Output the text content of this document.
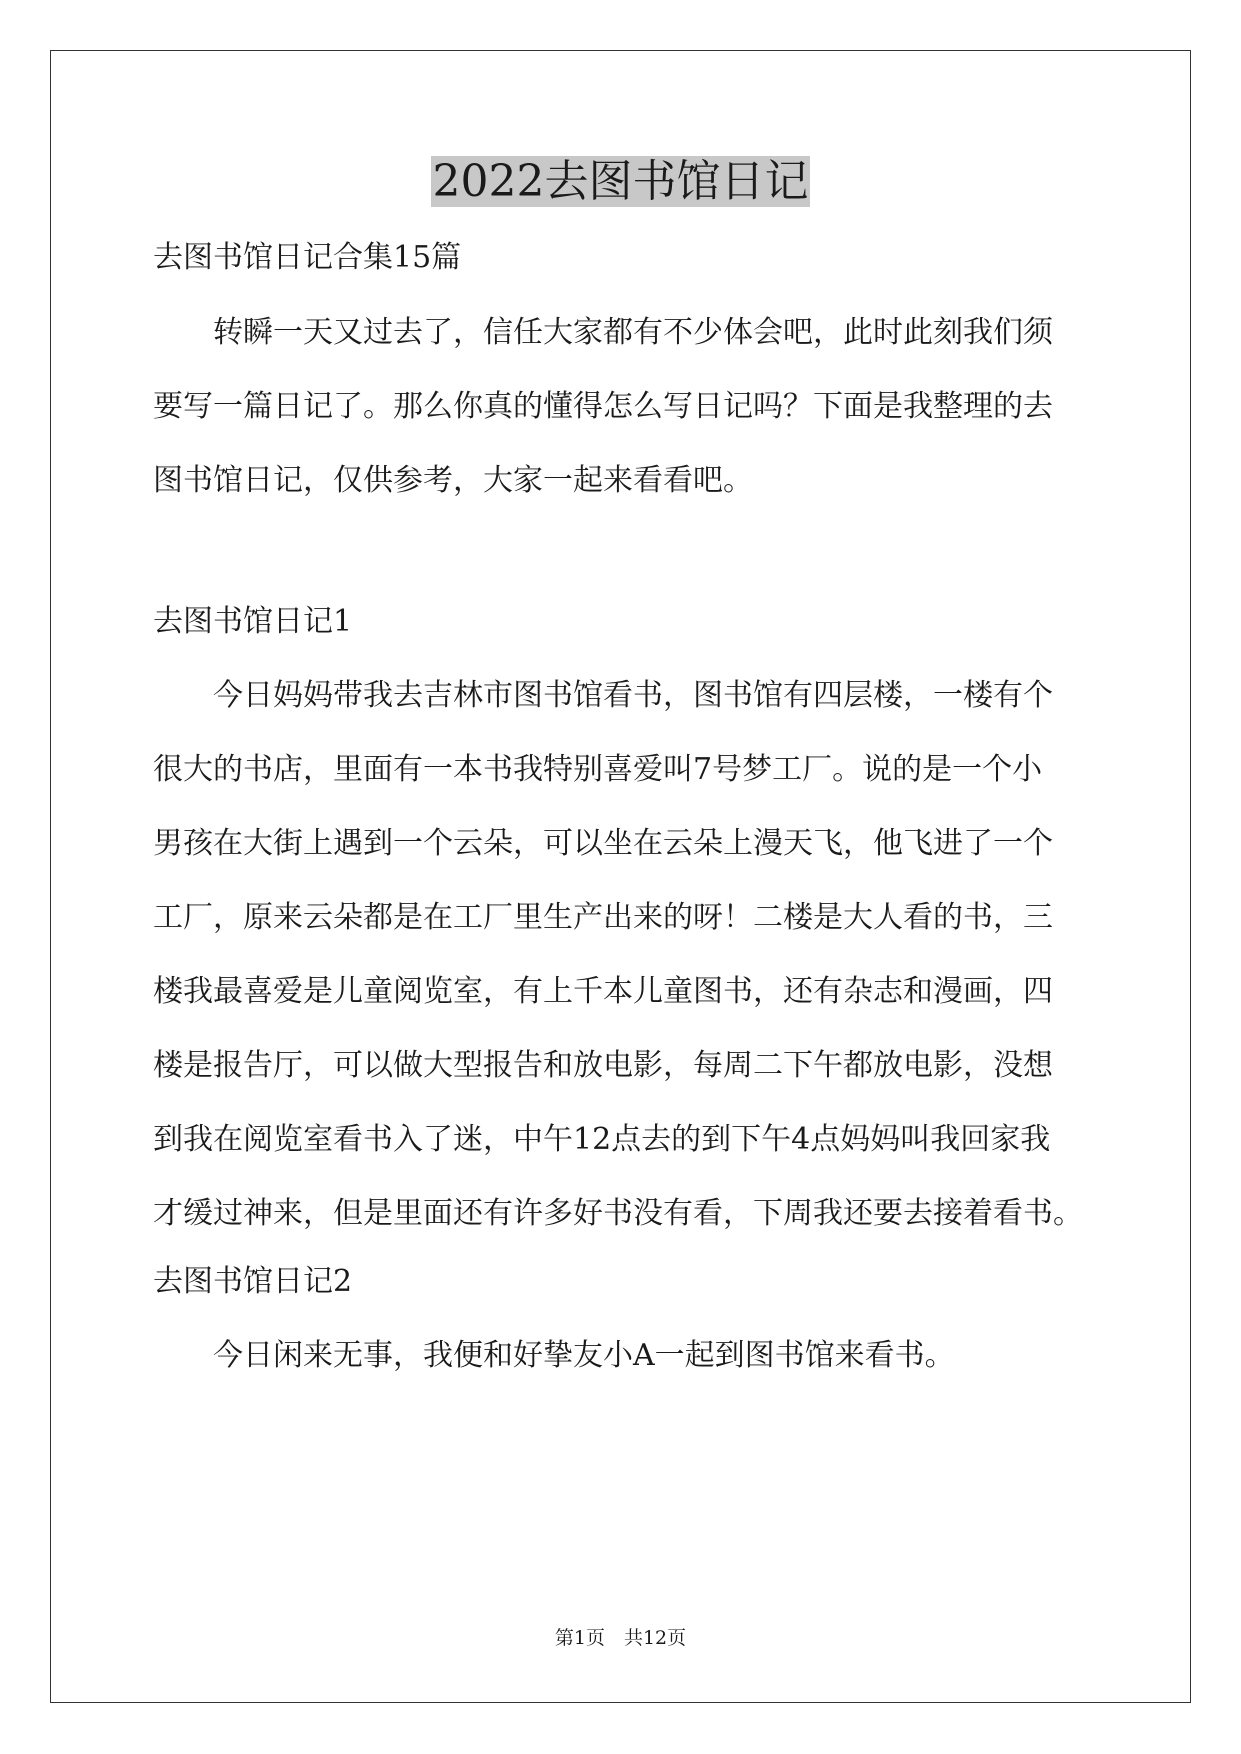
2022去图书馆日记

去图书馆日记合集15篇

　　转瞬一天又过去了，信任大家都有不少体会吧，此时此刻我们须

要写一篇日记了。那么你真的懂得怎么写日记吗？下面是我整理的去

图书馆日记，仅供参考，大家一起来看看吧。

去图书馆日记1

　　今日妈妈带我去吉林市图书馆看书，图书馆有四层楼，一楼有个

很大的书店，里面有一本书我特别喜爱叫7号梦工厂。说的是一个小

男孩在大街上遇到一个云朵，可以坐在云朵上漫天飞，他飞进了一个

工厂，原来云朵都是在工厂里生产出来的呀！二楼是大人看的书，三

楼我最喜爱是儿童阅览室，有上千本儿童图书，还有杂志和漫画，四

楼是报告厅，可以做大型报告和放电影，每周二下午都放电影，没想

到我在阅览室看书入了迷，中午12点去的到下午4点妈妈叫我回家我

才缓过神来，但是里面还有许多好书没有看，下周我还要去接着看书。

去图书馆日记2

　　今日闲来无事，我便和好挚友小A一起到图书馆来看书。

第1页　共12页
